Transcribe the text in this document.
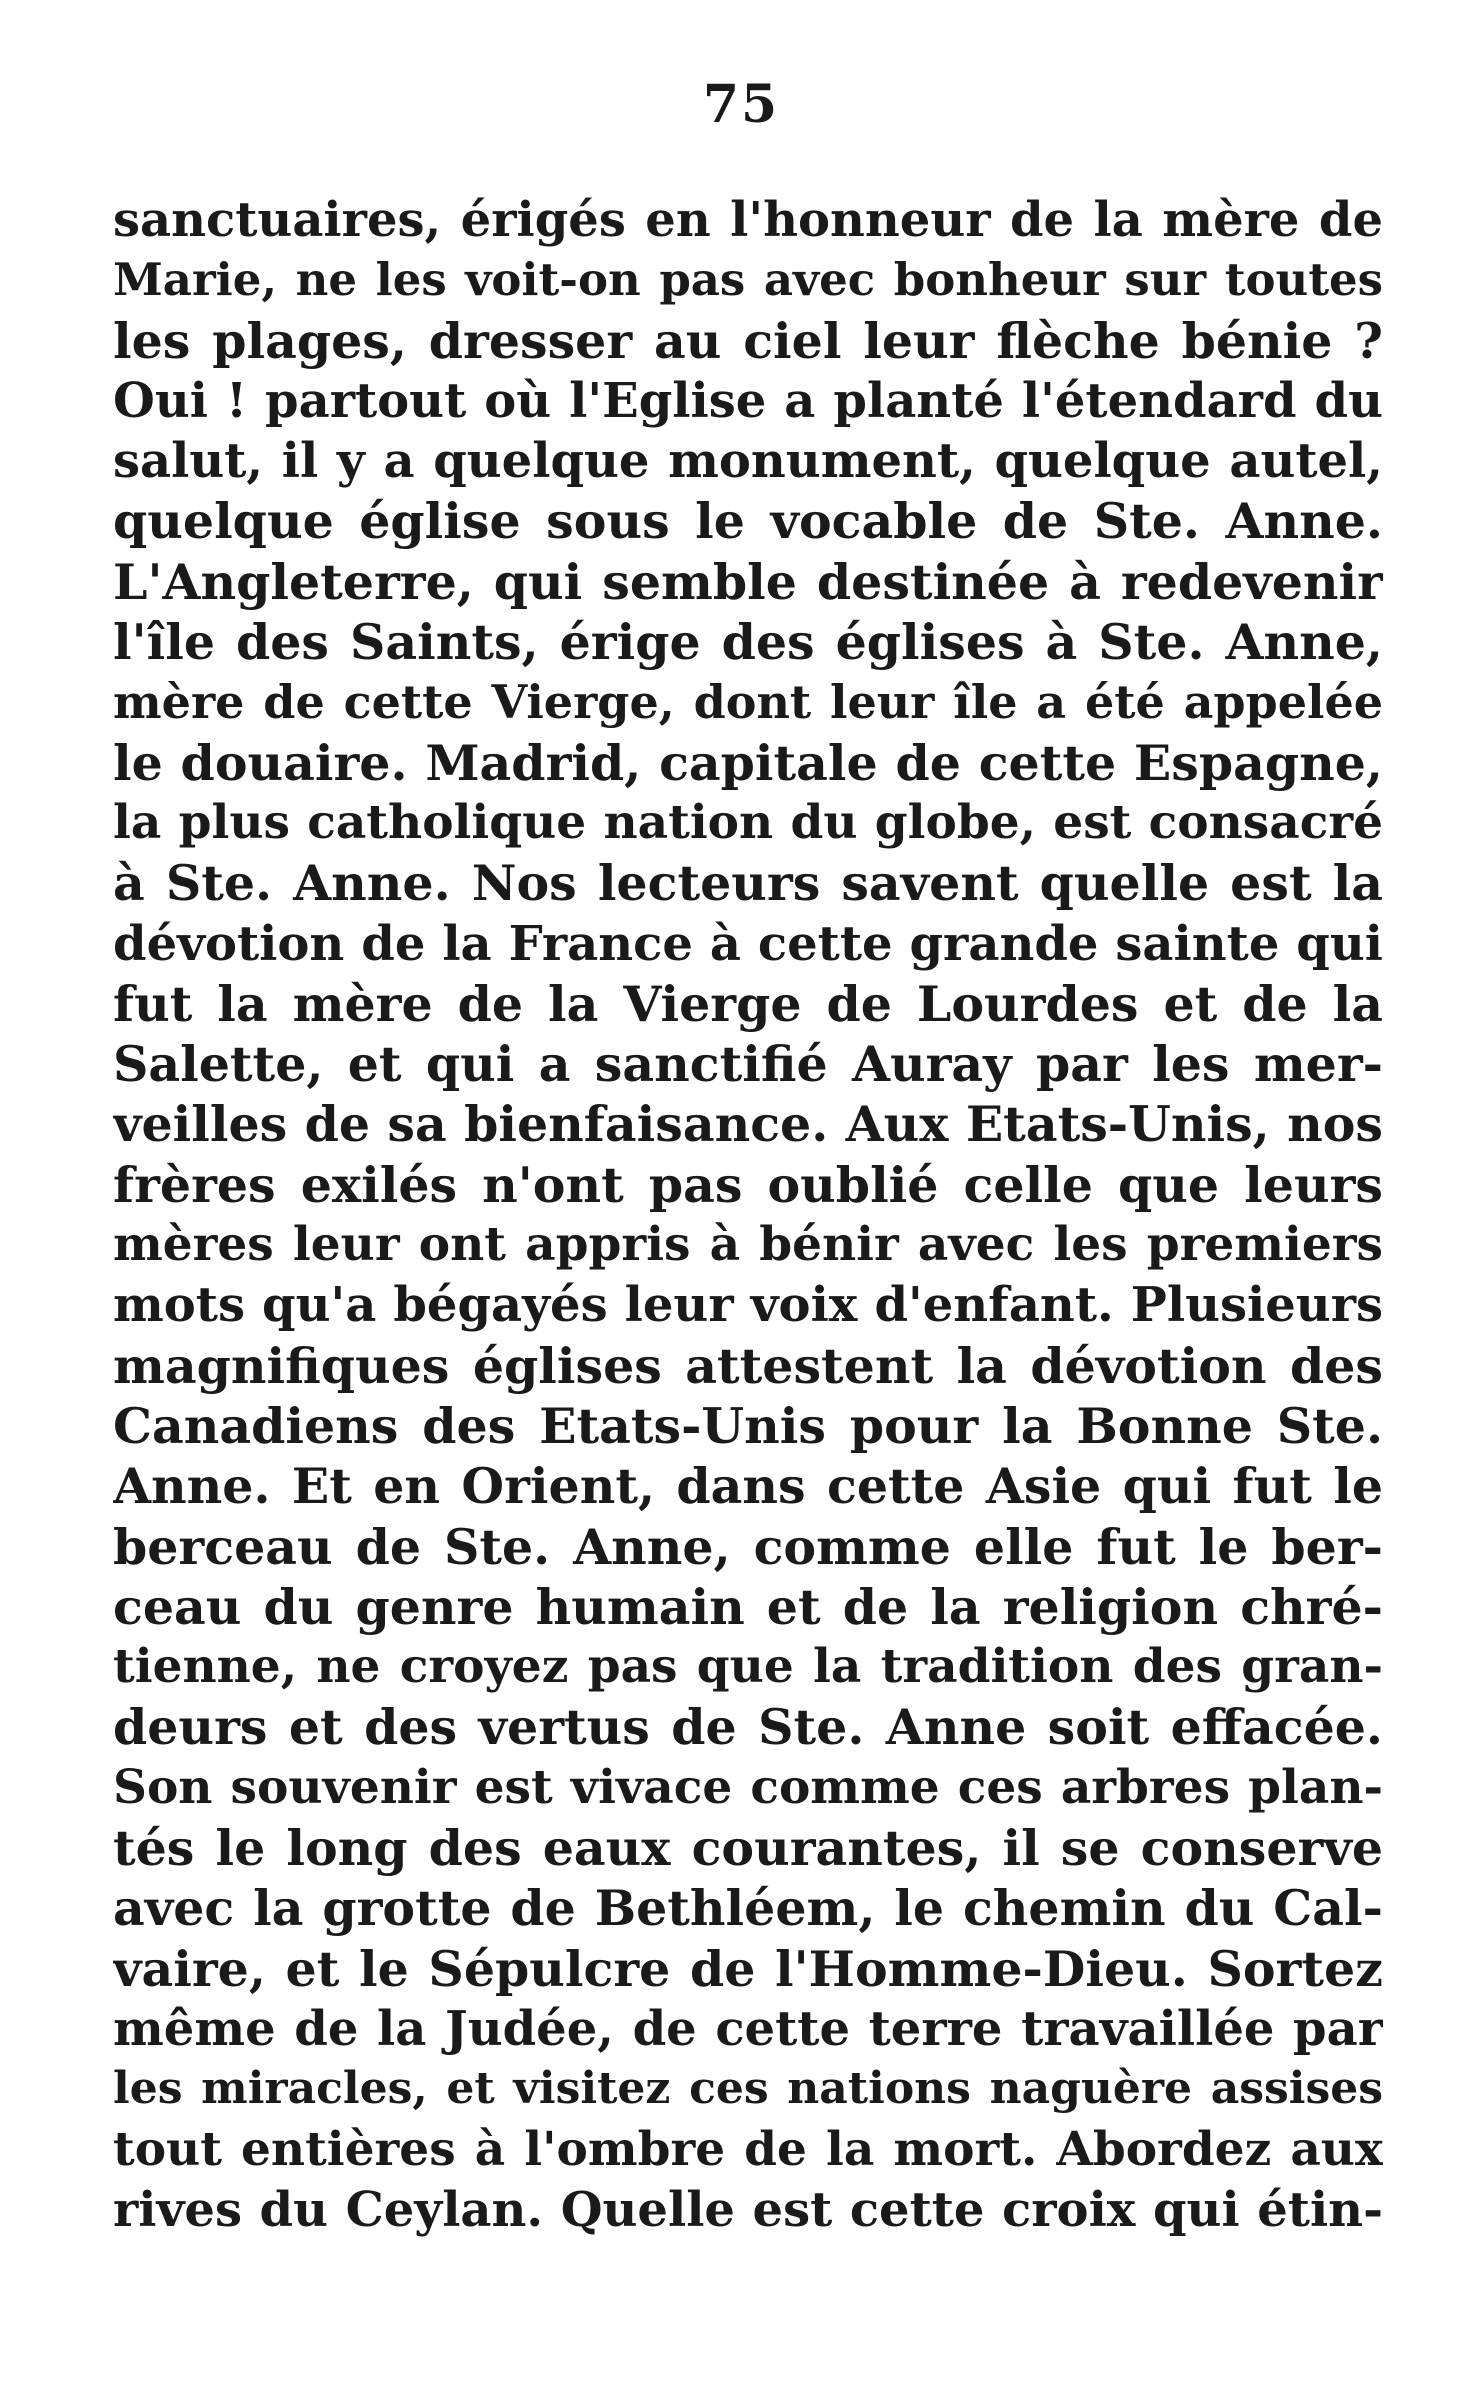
75
sanctuaires, érigés en l'honneur de la mère de
Marie, ne les voit-on pas avec bonheur sur toutes
les plages, dresser au ciel leur flèche bénie ?
Oui ! partout où l'Eglise a planté l'étendard du
salut, il y a quelque monument, quelque autel,
quelque église sous le vocable de Ste. Anne.
L'Angleterre, qui semble destinée à redevenir
l'île des Saints, érige des églises à Ste. Anne,
mère de cette Vierge, dont leur île a été appelée
le douaire. Madrid, capitale de cette Espagne,
la plus catholique nation du globe, est consacré
à Ste. Anne. Nos lecteurs savent quelle est la
dévotion de la France à cette grande sainte qui
fut la mère de la Vierge de Lourdes et de la
Salette, et qui a sanctifié Auray par les mer-
veilles de sa bienfaisance. Aux Etats-Unis, nos
frères exilés n'ont pas oublié celle que leurs
mères leur ont appris à bénir avec les premiers
mots qu'a bégayés leur voix d'enfant. Plusieurs
magnifiques églises attestent la dévotion des
Canadiens des Etats-Unis pour la Bonne Ste.
Anne. Et en Orient, dans cette Asie qui fut le
berceau de Ste. Anne, comme elle fut le ber-
ceau du genre humain et de la religion chré-
tienne, ne croyez pas que la tradition des gran-
deurs et des vertus de Ste. Anne soit effacée.
Son souvenir est vivace comme ces arbres plan-
tés le long des eaux courantes, il se conserve
avec la grotte de Bethléem, le chemin du Cal-
vaire, et le Sépulcre de l'Homme-Dieu. Sortez
même de la Judée, de cette terre travaillée par
les miracles, et visitez ces nations naguère assises
tout entières à l'ombre de la mort. Abordez aux
rives du Ceylan. Quelle est cette croix qui étin-
